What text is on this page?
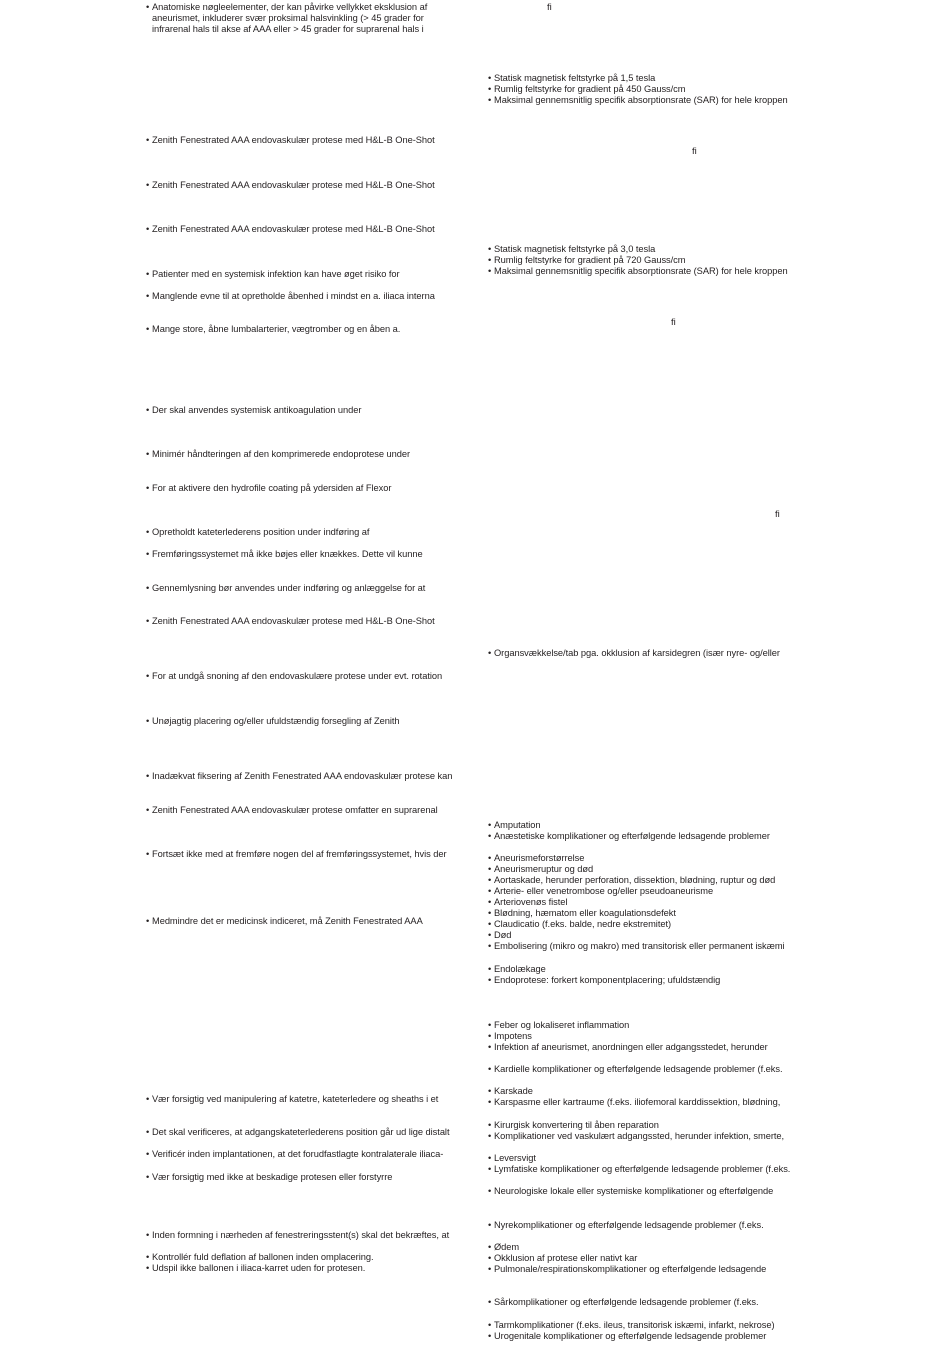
• Anatomiske nøgleelementer, der kan påvirke vellykket eksklusion af
aneurismet, inkluderer svær proksimal halsvinkling (> 45 grader for
infrarenal hals til akse af AAA eller > 45 grader for suprarenal hals i
• Zenith Fenestrated AAA endovaskulær protese med H&L-B One-Shot
• Zenith Fenestrated AAA endovaskulær protese med H&L-B One-Shot
• Zenith Fenestrated AAA endovaskulær protese med H&L-B One-Shot
• Patienter med en systemisk infektion kan have øget risiko for
• Manglende evne til at opretholde åbenhed i mindst en a. iliaca interna
• Mange store, åbne lumbalarterier, vægtromber og en åben a.
• Der skal anvendes systemisk antikoagulation under
• Minimér håndteringen af den komprimerede endoprotese under
• For at aktivere den hydrofile coating på ydersiden af Flexor
• Opretholdt kateterlederens position under indføring af
• Fremføringssystemet må ikke bøjes eller knækkes. Dette vil kunne
• Gennemlysning bør anvendes under indføring og anlæggelse for at
• Zenith Fenestrated AAA endovaskulær protese med H&L-B One-Shot
• For at undgå snoning af den endovaskulære protese under evt. rotation
• Unøjagtig placering og/eller ufuldstændig forsegling af Zenith
• Inadækvat fiksering af Zenith Fenestrated AAA endovaskulær protese kan
• Zenith Fenestrated AAA endovaskulær protese omfatter en suprarenal
• Fortsæt ikke med at fremføre nogen del af fremføringssystemet, hvis der
• Medmindre det er medicinsk indiceret, må Zenith Fenestrated AAA
• Vær forsigtig ved manipulering af katetre, kateterledere og sheaths i et
• Det skal verificeres, at adgangskateterlederens position går ud lige distalt
• Verificér inden implantationen, at det forudfastlagte kontralaterale iliaca-
• Vær forsigtig med ikke at beskadige protesen eller forstyrre
• Inden formning i nærheden af fenestreringsstent(s) skal det bekræftes, at
• Kontrollér fuld deflation af ballonen inden omplacering.
• Udspil ikke ballonen i iliaca-karret uden for protesen.
• Statisk magnetisk feltstyrke på 1,5 tesla
• Rumlig feltstyrke for gradient på 450 Gauss/cm
• Maksimal gennemsnitlig specifik absorptionsrate (SAR) for hele kroppen
• Statisk magnetisk feltstyrke på 3,0 tesla
• Rumlig feltstyrke for gradient på 720 Gauss/cm
• Maksimal gennemsnitlig specifik absorptionsrate (SAR) for hele kroppen
• Organsvækkelse/tab pga. okklusion af karsidegren (især nyre- og/eller
• Amputation
• Anæstetiske komplikationer og efterfølgende ledsagende problemer
• Aneurismeforstørrelse
• Aneurismeruptur og død
• Aortaskade, herunder perforation, dissektion, blødning, ruptur og død
• Arterie- eller venetrombose og/eller pseudoaneurisme
• Arteriovenøs fistel
• Blødning, hæmatom eller koagulationsdefekt
• Claudicatio (f.eks. balde, nedre ekstremitet)
• Død
• Embolisering (mikro og makro) med transitorisk eller permanent iskæmi
• Endolækage
• Endoprotese: forkert komponentplacering; ufuldstændig
• Feber og lokaliseret inflammation
• Impotens
• Infektion af aneurismet, anordningen eller adgangsstedet, herunder
• Kardielle komplikationer og efterfølgende ledsagende problemer (f.eks.
• Karskade
• Karspasme eller kartraume (f.eks. iliofemoral karddissektion, blødning,
• Kirurgisk konvertering til åben reparation
• Komplikationer ved vaskulært adgangssted, herunder infektion, smerte,
• Leversvigt
• Lymfatiske komplikationer og efterfølgende ledsagende problemer (f.eks.
• Neurologiske lokale eller systemiske komplikationer og efterfølgende
• Nyrekomplikationer og efterfølgende ledsagende problemer (f.eks.
• Ødem
• Okklusion af protese eller nativt kar
• Pulmonale/respirationskomplikationer og efterfølgende ledsagende
• Sårkomplikationer og efterfølgende ledsagende problemer (f.eks.
• Tarmkomplikationer (f.eks. ileus, transitorisk iskæmi, infarkt, nekrose)
• Urogenitale komplikationer og efterfølgende ledsagende problemer
ﬁ
ﬁ
ﬁ
ﬁ
